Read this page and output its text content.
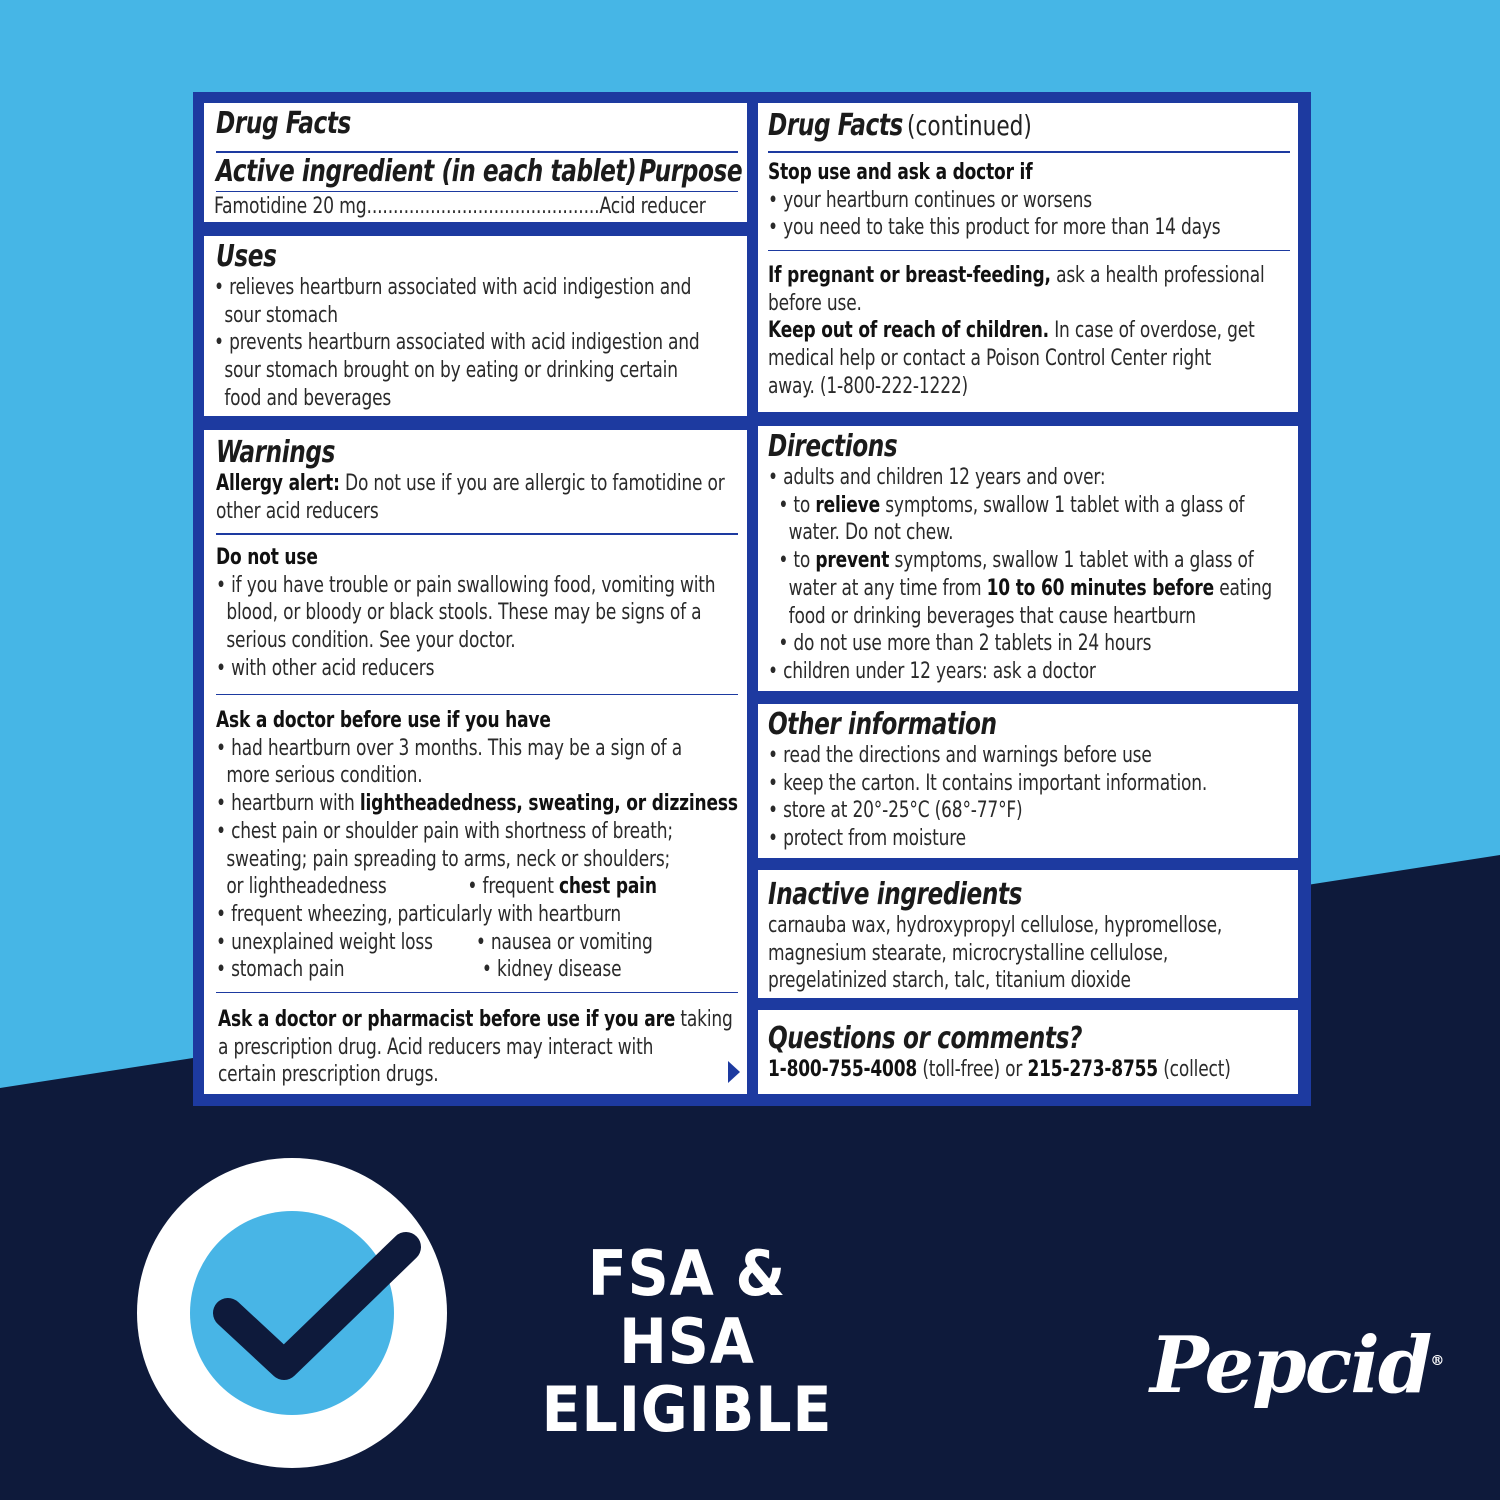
Drug Facts
Active ingredient (in each tablet) Purpose
Famotidine 20 mg............................................Acid reducer
Uses
• relieves heartburn associated with acid indigestion and
sour stomach
• prevents heartburn associated with acid indigestion and
sour stomach brought on by eating or drinking certain
food and beverages
Warnings
Allergy alert: Do not use if you are allergic to famotidine or
other acid reducers
Do not use
• if you have trouble or pain swallowing food, vomiting with
blood, or bloody or black stools. These may be signs of a
serious condition. See your doctor.
• with other acid reducers
Ask a doctor before use if you have
• had heartburn over 3 months. This may be a sign of a
more serious condition.
• heartburn with lightheadedness, sweating, or dizziness
• chest pain or shoulder pain with shortness of breath;
sweating; pain spreading to arms, neck or shoulders;
or lightheadedness	• frequent chest pain
• frequent wheezing, particularly with heartburn
• unexplained weight loss • nausea or vomiting
• stomach pain	• kidney disease
Ask a doctor or pharmacist before use if you are taking
a prescription drug. Acid reducers may interact with
certain prescription drugs.
Drug Facts (continued)
Stop use and ask a doctor if
• your heartburn continues or worsens
• you need to take this product for more than 14 days
If pregnant or breast-feeding, ask a health professional
before use.
Keep out of reach of children. In case of overdose, get
medical help or contact a Poison Control Center right
away. (1-800-222-1222)
Directions
• adults and children 12 years and over:
• to relieve symptoms, swallow 1 tablet with a glass of
water. Do not chew.
• to prevent symptoms, swallow 1 tablet with a glass of
water at any time from 10 to 60 minutes before eating
food or drinking beverages that cause heartburn
• do not use more than 2 tablets in 24 hours
• children under 12 years: ask a doctor
Other information
• read the directions and warnings before use
• keep the carton. It contains important information.
• store at 20°-25°C (68°-77°F)
• protect from moisture
Inactive ingredients
carnauba wax, hydroxypropyl cellulose, hypromellose,
magnesium stearate, microcrystalline cellulose,
pregelatinized starch, talc, titanium dioxide
Questions or comments?
1-800-755-4008 (toll-free) or 215-273-8755 (collect)
FSA & HSA
ELIGIBLE	Pepcid®
